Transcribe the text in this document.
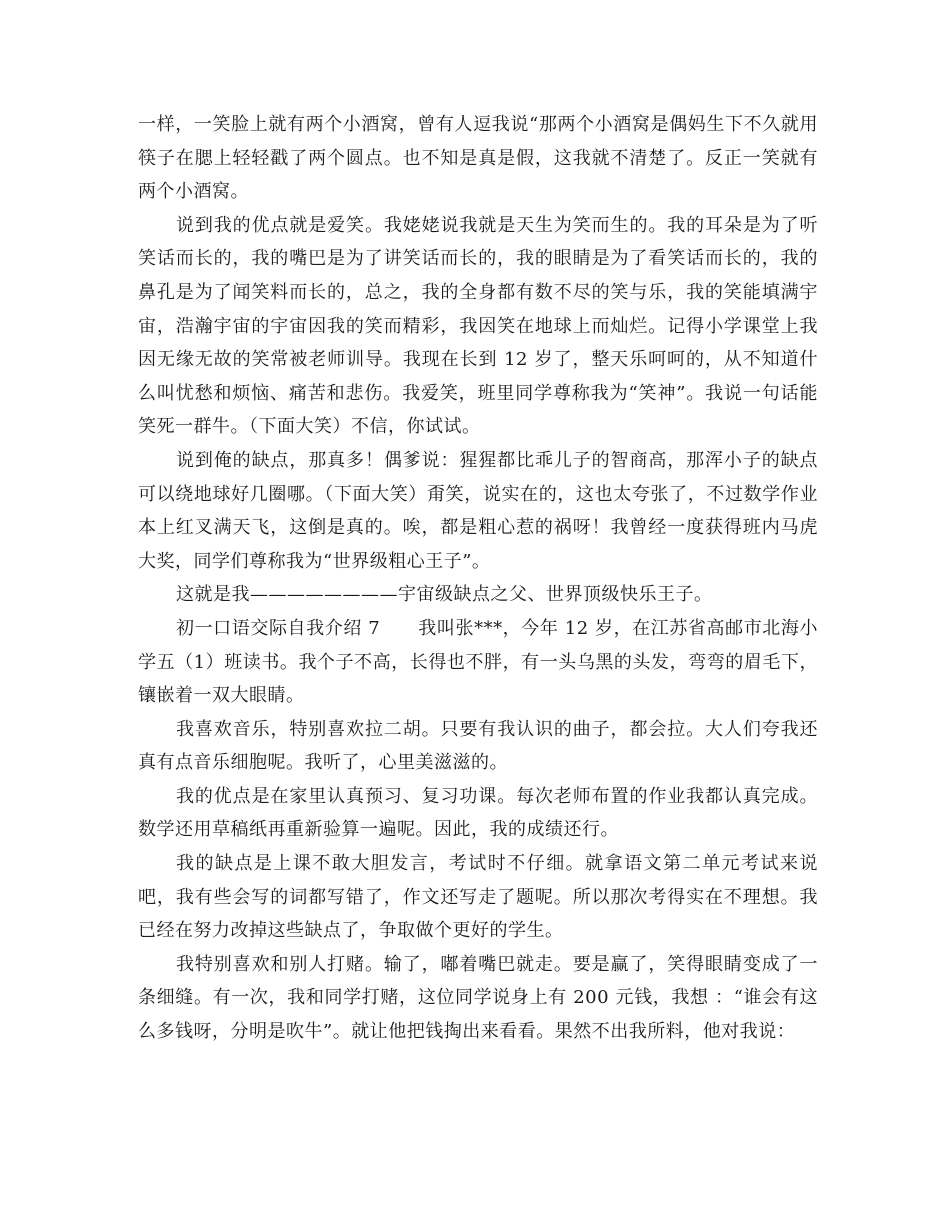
一样，一笑脸上就有两个小酒窝，曾有人逗我说“那两个小酒窝是偶妈生下不久就用筷子在腮上轻轻戳了两个圆点。也不知是真是假，这我就不清楚了。反正一笑就有两个小酒窝。

说到我的优点就是爱笑。我姥姥说我就是天生为笑而生的。我的耳朵是为了听笑话而长的，我的嘴巴是为了讲笑话而长的，我的眼睛是为了看笑话而长的，我的鼻孔是为了闻笑料而长的，总之，我的全身都有数不尽的笑与乐，我的笑能填满宇宙，浩瀚宇宙的宇宙因我的笑而精彩，我因笑在地球上而灿烂。记得小学课堂上我因无缘无故的笑常被老师训导。我现在长到 12 岁了，整天乐呵呵的，从不知道什么叫忧愁和烦恼、痛苦和悲伤。我爱笑，班里同学尊称我为“笑神”。我说一句话能笑死一群牛。（下面大笑）不信，你试试。

说到俺的缺点，那真多！偶爹说：猩猩都比乖儿子的智商高，那浑小子的缺点可以绕地球好几圈哪。（下面大笑）甭笑，说实在的，这也太夸张了，不过数学作业本上红叉满天飞，这倒是真的。唉，都是粗心惹的祸呀！我曾经一度获得班内马虎大奖，同学们尊称我为“世界级粗心王子”。

这就是我————————宇宙级缺点之父、世界顶级快乐王子。

初一口语交际自我介绍 7 我叫张***，今年 12 岁，在江苏省高邮市北海小学五（1）班读书。我个子不高，长得也不胖，有一头乌黑的头发，弯弯的眉毛下，镶嵌着一双大眼睛。

我喜欢音乐，特别喜欢拉二胡。只要有我认识的曲子，都会拉。大人们夸我还真有点音乐细胞呢。我听了，心里美滋滋的。

我的优点是在家里认真预习、复习功课。每次老师布置的作业我都认真完成。数学还用草稿纸再重新验算一遍呢。因此，我的成绩还行。

我的缺点是上课不敢大胆发言，考试时不仔细。就拿语文第二单元考试来说吧，我有些会写的词都写错了，作文还写走了题呢。所以那次考得实在不理想。我已经在努力改掉这些缺点了，争取做个更好的学生。

我特别喜欢和别人打赌。输了，嘟着嘴巴就走。要是赢了，笑得眼睛变成了一条细缝。有一次，我和同学打赌，这位同学说身上有 200 元钱，我想 ：“谁会有这么多钱呀，分明是吹牛”。就让他把钱掏出来看看。果然不出我所料，他对我说：
